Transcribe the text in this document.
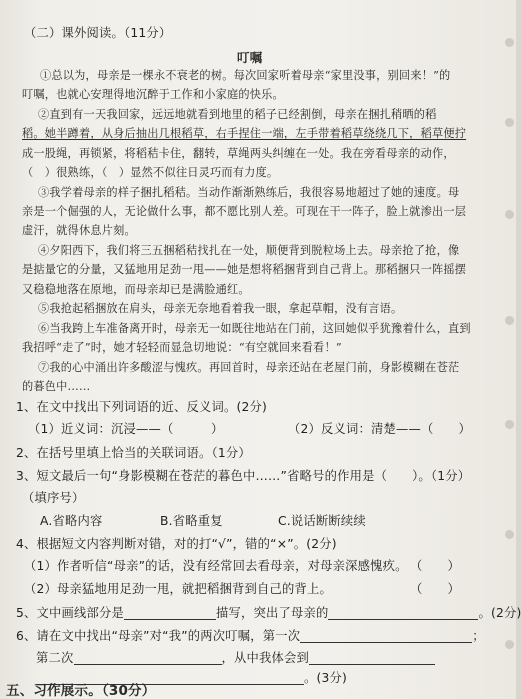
（二）课外阅读。（11分）
叮嘱
①总以为，母亲是一棵永不衰老的树。每次回家听着母亲“家里没事，别回来！”的
叮嘱，也就心安理得地沉醉于工作和小家庭的快乐。
②直到有一天我回家，远远地就看到地里的稻子已经割倒，母亲在捆扎稍晒的稻
稻。她半蹲着，从身后抽出几根稻草，右手捏住一端，左手带着稻草绕绕几下，稻草便拧
成一股绳，再锁紧，将稻秸卡住，翻转，草绳两头纠缠在一处。我在旁看母亲的动作，
（　）很熟练，（　）显然不似往日灵巧而有力度。
③我学着母亲的样子捆扎稻秸。当动作渐渐熟练后，我很容易地超过了她的速度。母
亲是一个倔强的人，无论做什么事，都不愿比别人差。可现在干一阵子，脸上就渗出一层
虚汗，就得休息片刻。
④夕阳西下，我们将三五捆稻秸找扎在一处，顺便背到脱粒场上去。母亲抢了抢，像
是掂量它的分量，又猛地用足劲一甩——她是想将稻捆背到自己背上。那稻捆只一阵摇摆
又稳稳地落在原地，而母亲却已是满脸通红。
⑤我抢起稻捆放在肩头，母亲无奈地看着我一眼，拿起草帽，没有言语。
⑥当我跨上车准备离开时，母亲无一如既往地站在门前，这回她似乎犹豫着什么，直到
我招呼“走了”时，她才轻轻而显急切地说：“有空就回来看看！”
⑦我的心中涌出许多酸涩与愧疚。再回首时，母亲还站在老屋门前，身影模糊在苍茫
的暮色中……
1、在文中找出下列词语的近、反义词。(2分)
（1）近义词：沉浸——（　　　）	（2）反义词：清楚——（　　）
2、在括号里填上恰当的关联词语。（1分）
3、短文最后一句“身影模糊在苍茫的暮色中……”省略号的作用是（　　）。（1分）
（填序号）
A.省略内容	B.省略重复	C.说话断断续续
4、根据短文内容判断对错，对的打“√”，错的“×”。(2分)
（1）作者听信“母亲”的话，没有经常回去看母亲，对母亲深感愧疚。 （　　）
（2）母亲猛地用足劲一甩，就把稻捆背到自己的背上。	（　　）
5、文中画线部分是	描写，突出了母亲的	。(2分)
6、请在文中找出“母亲”对“我”的两次叮嘱，第一次	；
第二次	，从中我体会到
。(3分)
五、习作展示。（30分）
